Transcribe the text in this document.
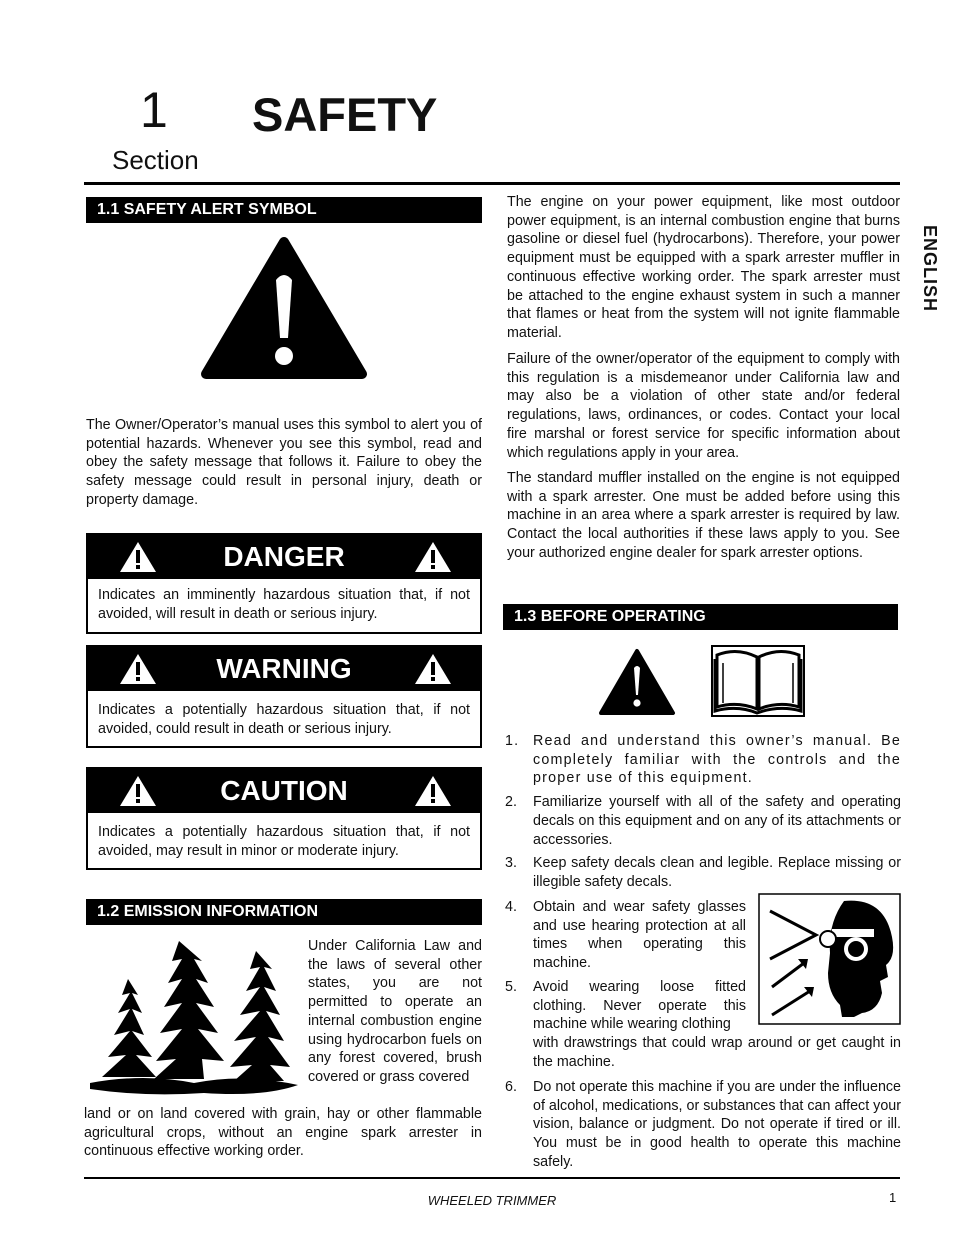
1 SAFETY
Section
ENGLISH
1.1 SAFETY ALERT SYMBOL

The Owner/Operator’s manual uses this symbol to alert you of potential hazards. Whenever you see this symbol, read and obey the safety message that follows it. Failure to obey the safety message could result in personal injury, death or property damage.

DANGER

Indicates an imminently hazardous situation that, if not avoided, will result in death or serious injury.

WARNING

Indicates a potentially hazardous situation that, if not avoided, could result in death or serious injury.

CAUTION

Indicates a potentially hazardous situation that, if not avoided, may result in minor or moderate injury.

1.2 EMISSION INFORMATION

Under California Law and the laws of several other states, you are not permitted to operate an internal combustion engine using hydrocarbon fuels on any forest covered, brush covered or grass covered

land or on land covered with grain, hay or other flammable agricultural crops, without an engine spark arrester in continuous effective working order.

The engine on your power equipment, like most outdoor power equipment, is an internal combustion engine that burns gasoline or diesel fuel (hydrocarbons). Therefore, your power equipment must be equipped with a spark arrester muffler in continuous effective working order. The spark arrester must be attached to the engine exhaust system in such a manner that flames or heat from the system will not ignite flammable material.

Failure of the owner/operator of the equipment to comply with this regulation is a misdemeanor under California law and may also be a violation of other state and/or federal regulations, laws, ordinances, or codes. Contact your local fire marshal or forest service for specific information about which regulations apply in your area.

The standard muffler installed on the engine is not equipped with a spark arrester. One must be added before using this machine in an area where a spark arrester is required by law. Contact the local authorities if these laws apply to you. See your authorized engine dealer for spark arrester options.

1.3 BEFORE OPERATING
1. Read and understand this owner’s manual. Be completely familiar with the controls and the proper use of this equipment.
2. Familiarize yourself with all of the safety and operating decals on this equipment and on any of its attachments or accessories.
3. Keep safety decals clean and legible. Replace missing or illegible safety decals.
4. Obtain and wear safety glasses and use hearing protection at all times when operating this machine.
5. Avoid wearing loose fitted clothing. Never operate this machine while wearing clothing

with drawstrings that could wrap around or get caught in the machine.

6. Do not operate this machine if you are under the influence of alcohol, medications, or substances that can affect your vision, balance or judgment. Do not operate if tired or ill. You must be in good health to operate this machine safely.
WHEELED TRIMMER	1
